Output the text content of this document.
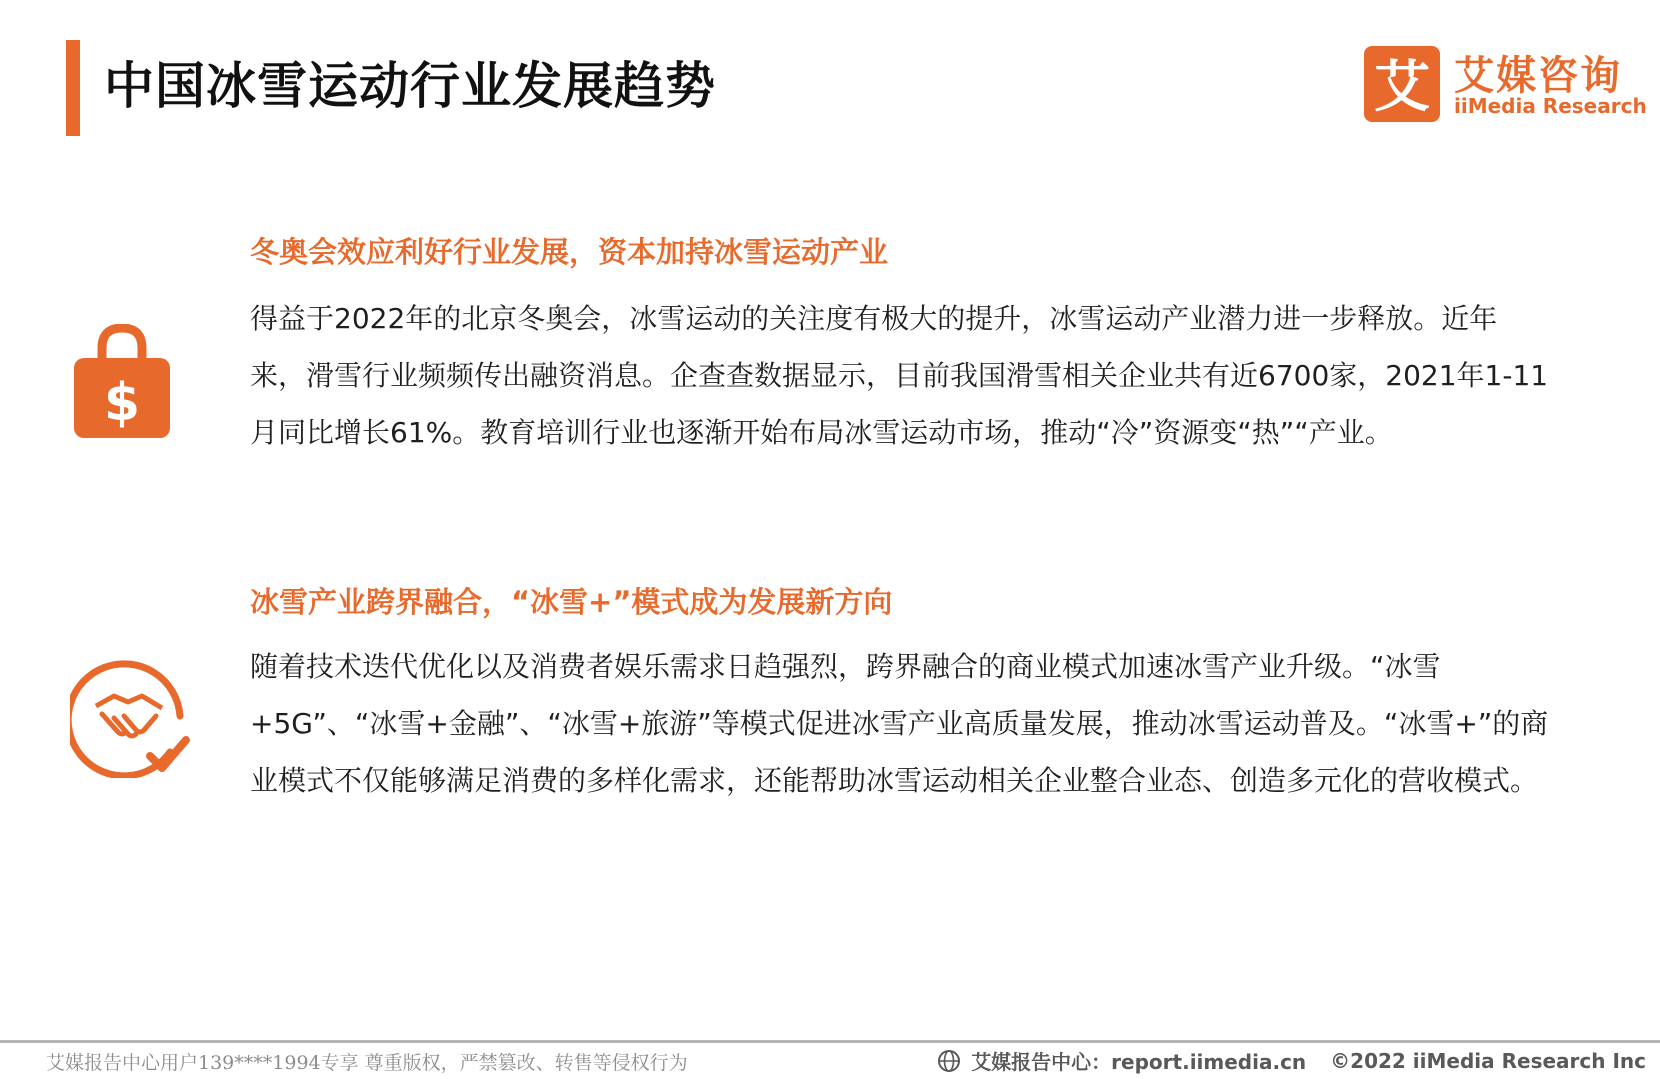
中国冰雪运动行业发展趋势	艾 艾媒咨询
iiMedia Research
$
冬奥会效应利好行业发展，资本加持冰雪运动产业
得益于2022年的北京冬奥会，冰雪运动的关注度有极大的提升，冰雪运动产业潜力进一步释放。近年来，滑雪行业频频传出融资消息。企查查数据显示，目前我国滑雪相关企业共有近6700家，2021年1-11月同比增长61%。教育培训行业也逐渐开始布局冰雪运动市场，推动“冷”资源变“热”“产业。
冰雪产业跨界融合，“冰雪+”模式成为发展新方向
随着技术迭代优化以及消费者娱乐需求日趋强烈，跨界融合的商业模式加速冰雪产业升级。“冰雪+5G”、“冰雪+金融”、“冰雪+旅游”等模式促进冰雪产业高质量发展，推动冰雪运动普及。“冰雪+”的商业模式不仅能够满足消费的多样化需求，还能帮助冰雪运动相关企业整合业态、创造多元化的营收模式。
艾媒报告中心用户139****1994专享 尊重版权，严禁篡改、转售等侵权行为	艾媒报告中心：report.iimedia.cn ©2022 iiMedia Research Inc
